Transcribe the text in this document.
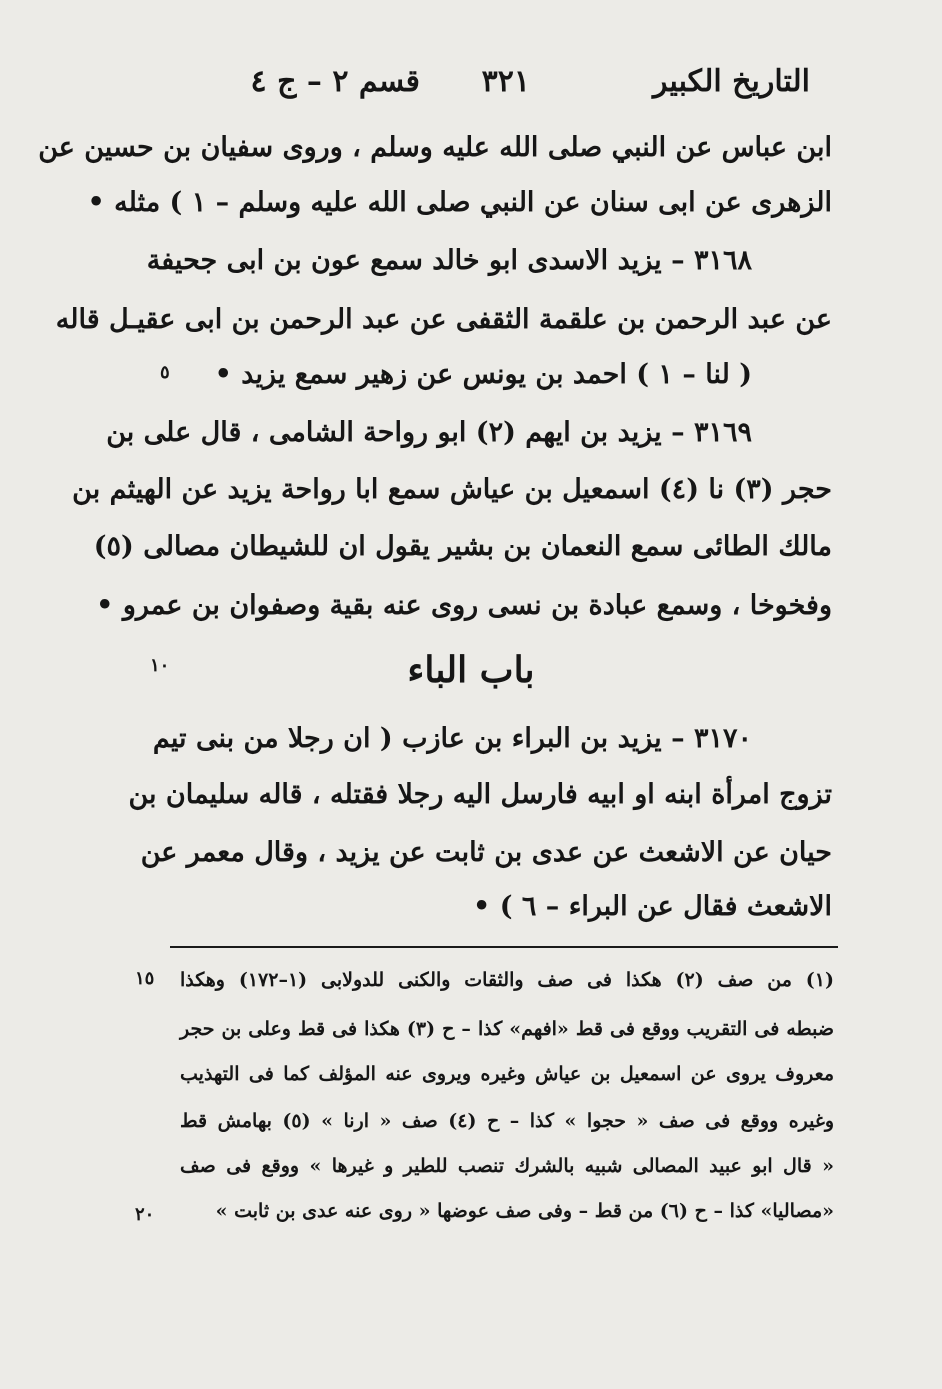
التاريخ الكبير
٣٢١
قسم ٢ – ج ٤
ابن عباس عن النبي صلى الله عليه وسلم ، وروى سفيان بن حسين عن
الزهرى عن ابى سنان عن النبي صلى الله عليه وسلم – ١ ) مثله •
٣١٦٨ – يزيد الاسدى ابو خالد سمع عون بن ابى جحيفة
عن عبد الرحمن بن علقمة الثقفى عن عبد الرحمن بن ابى عقيـل قاله
( لنا – ١ ) احمد بن يونس عن زهير سمع يزيد •
٣١٦٩ – يزيد بن ايهم (٢) ابو رواحة الشامى ، قال على بن
حجر (٣) نا (٤) اسمعيل بن عياش سمع ابا رواحة يزيد عن الهيثم بن
مالك الطائى سمع النعمان بن بشير يقول ان للشيطان مصالى (٥)
وفخوخا ، وسمع عبادة بن نسى روى عنه بقية وصفوان بن عمرو •
باب الباء
٣١٧٠ – يزيد بن البراء بن عازب ( ان رجلا من بنى تيم
تزوج امرأة ابنه او ابيه فارسل اليه رجلا فقتله ، قاله سليمان بن
حيان عن الاشعث عن عدى بن ثابت عن يزيد ، وقال معمر عن
الاشعث فقال عن البراء – ٦ ) •
٥
١٠
(١) من صف (٢) هكذا فى صف والثقات والكنى للدولابى (١–١٧٢) وهكذا
ضبطه فى التقريب ووقع فى قط «افهم» كذا – ح (٣) هكذا فى قط وعلى بن حجر
معروف يروى عن اسمعيل بن عياش وغيره ويروى عنه المؤلف كما فى التهذيب
وغيره ووقع فى صف « حجوا » كذا – ح (٤) صف « ارنا » (٥) بهامش قط
« قال ابو عبيد المصالى شبيه بالشرك تنصب للطير و غيرها » ووقع فى صف
«مصاليا» كذا – ح (٦) من قط – وفى صف عوضها « روى عنه عدى بن ثابت »
١٥
٢٠
